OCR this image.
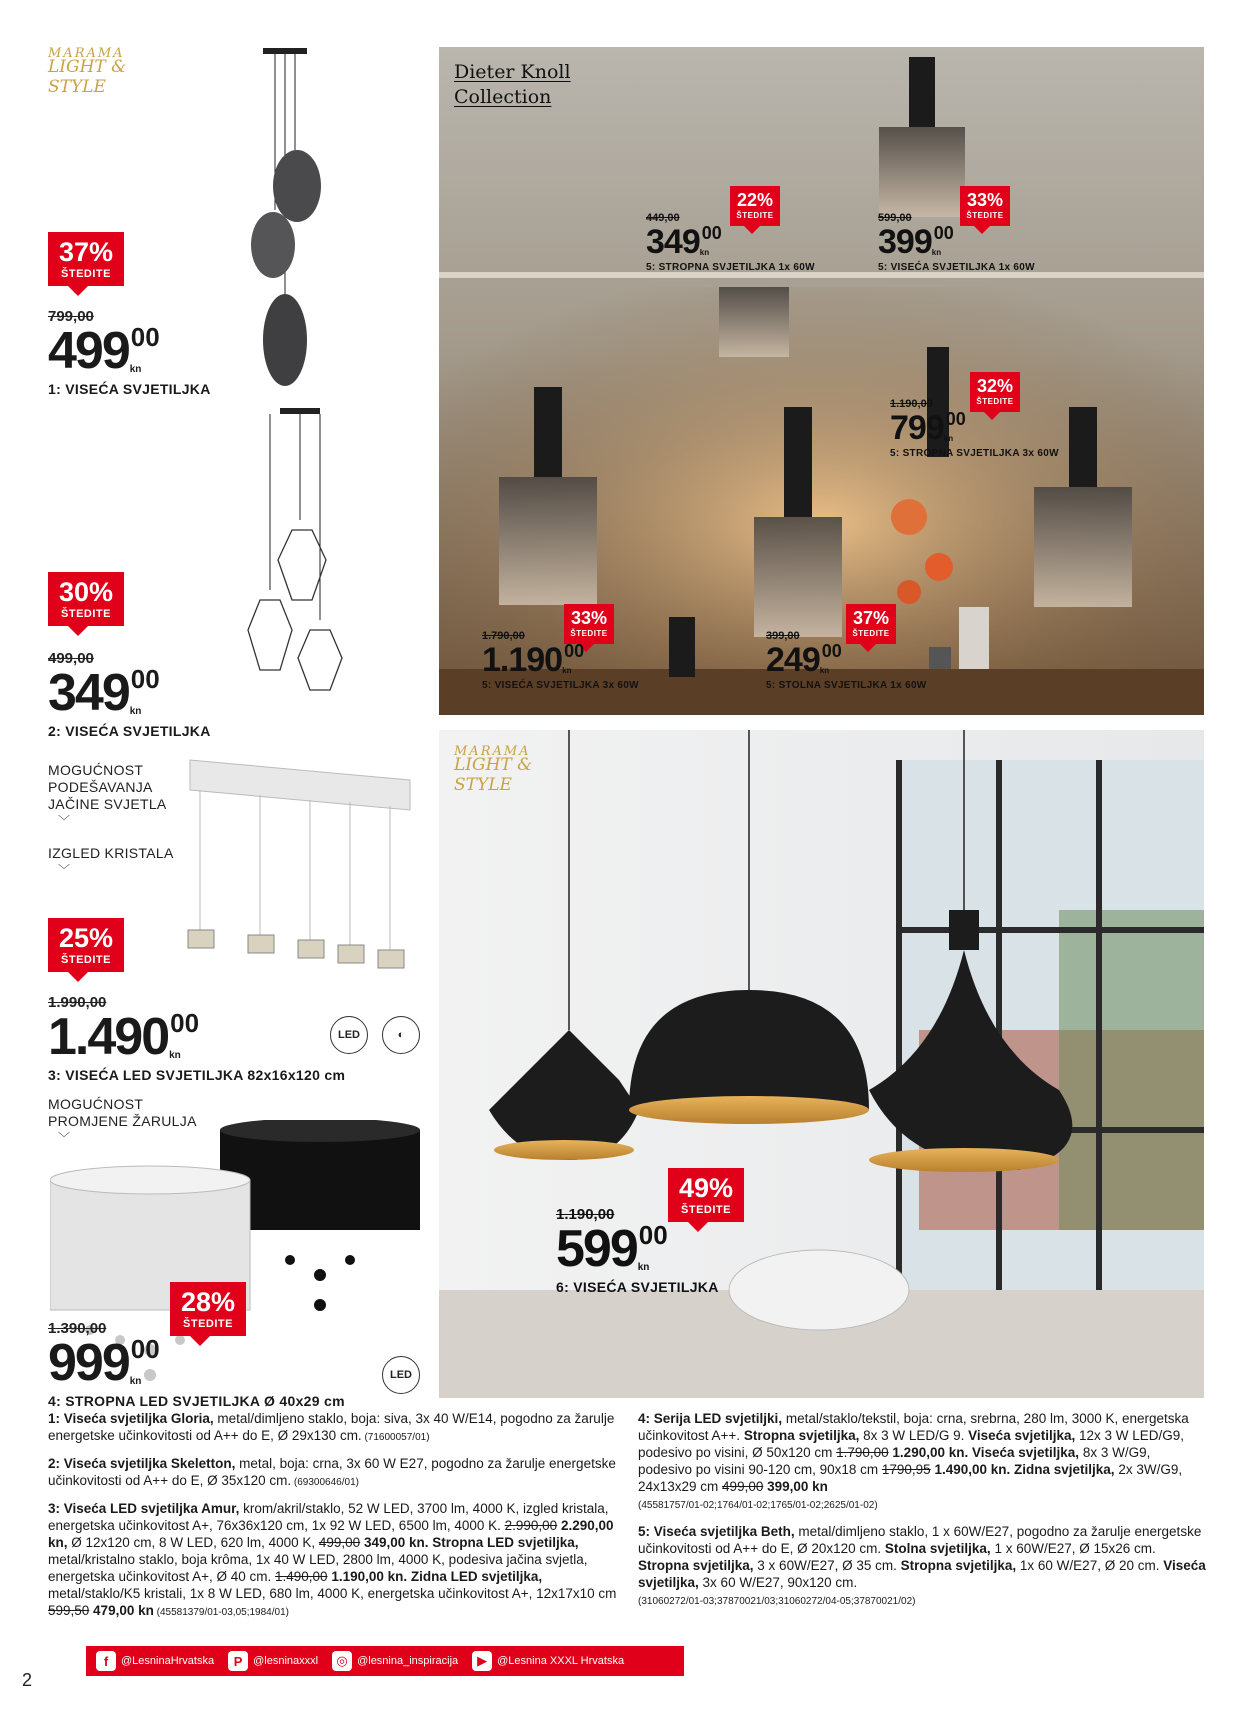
MARAMA
LIGHT & STYLE
37%
ŠTEDITE
799,00
$49900_{kn}$
1: VISEĆA SVJETILJKA
30%
ŠTEDITE
499,00
$34900_{kn}$
2: VISEĆA SVJETILJKA
MOGUĆNOST
PODEŠAVANJA
JAČINE SVJETLA
﹀
IZGLED KRISTALA
﹀
25%
ŠTEDITE
1.990,00
$1.49000_{kn}$
3: VISEĆA LED SVJETILJKA 82x16x120 cm
LED	◐
MOGUĆNOST
PROMJENE ŽARULJA
﹀
28%
ŠTEDITE
1.390,00
$99900_{kn}$
4: STROPNA LED SVJETILJKA Ø 40x29 cm
LED
Dieter Knoll
Collection
22%
ŠTEDITE
449,00
349 00kn
5: STROPNA SVJETILJKA 1x 60W
33%
ŠTEDITE
599,00
399 00kn
5: VISEĆA SVJETILJKA 1x 60W
32%
ŠTEDITE
1.190,00
799 00kn
5: STROPNA SVJETILJKA 3x 60W
33%
ŠTEDITE
1.790,00
1.190 00kn
5: VISEĆA SVJETILJKA 3x 60W
37%
ŠTEDITE
399,00
249 00kn
5: STOLNA SVJETILJKA 1x 60W
MARAMA
LIGHT & STYLE
49%
ŠTEDITE
1.190,00
$59900_{kn}$
6: VISEĆA SVJETILJKA

1: Viseća svjetiljka Gloria, metal/dimljeno staklo, boja: siva, 3x 40 W/E14, pogodno za žarulje energetske učinkovitosti od A++ do E, Ø 29x130 cm. (71600057/01)

2: Viseća svjetiljka Skeletton, metal, boja: crna, 3x 60 W E27, pogodno za žarulje energetske učinkovitosti od A++ do E, Ø 35x120 cm. (69300646/01)

3: Viseća LED svjetiljka Amur, krom/akril/staklo, 52 W LED, 3700 lm, 4000 K, izgled kristala, energetska učinkovitost A+, 76x36x120 cm, 1x 92 W LED, 6500 lm, 4000 K. 2.990,00 2.290,00 kn, Ø 12x120 cm, 8 W LED, 620 lm, 4000 K, 499,00 349,00 kn. Stropna LED svjetiljka, metal/kristalno staklo, boja krôma, 1x 40 W LED, 2800 lm, 4000 K, podesiva jačina svjetla, energetska učinkovitost A+, Ø 40 cm. 1.490,00 1.190,00 kn. Zidna LED svjetiljka, metal/staklo/K5 kristali, 1x 8 W LED, 680 lm, 4000 K, energetska učinkovitost A+, 12x17x10 cm 599,50 479,00 kn (45581379/01-03,05;1984/01)

4: Serija LED svjetiljki, metal/staklo/tekstil, boja: crna, srebrna, 280 lm, 3000 K, energetska učinkovitost A++. Stropna svjetiljka, 8x 3 W LED/G 9. Viseća svjetiljka, 12x 3 W LED/G9, podesivo po visini, Ø 50x120 cm 1.790,00 1.290,00 kn. Viseća svjetiljka, 8x 3 W/G9, podesivo po visini 90-120 cm, 90x18 cm 1790,95 1.490,00 kn. Zidna svjetiljka, 2x 3W/G9, 24x13x29 cm 499,00 399,00 kn
(45581757/01-02;1764/01-02;1765/01-02;2625/01-02)

5: Viseća svjetiljka Beth, metal/dimljeno staklo, 1 x 60W/E27, pogodno za žarulje energetske učinkovitosti od A++ do E, Ø 20x120 cm. Stolna svjetiljka, 1 x 60W/E27, Ø 15x26 cm. Stropna svjetiljka, 3 x 60W/E27, Ø 35 cm. Stropna svjetiljka, 1x 60 W/E27, Ø 20 cm. Viseća svjetiljka, 3x 60 W/E27, 90x120 cm.
(31060272/01-03;37870021/03;31060272/04-05;37870021/02)

2
f	@LesninaHrvatska	P @lesninaxxxl	◎ @lesnina_inspiracija	▶ @Lesnina XXXL Hrvatska
